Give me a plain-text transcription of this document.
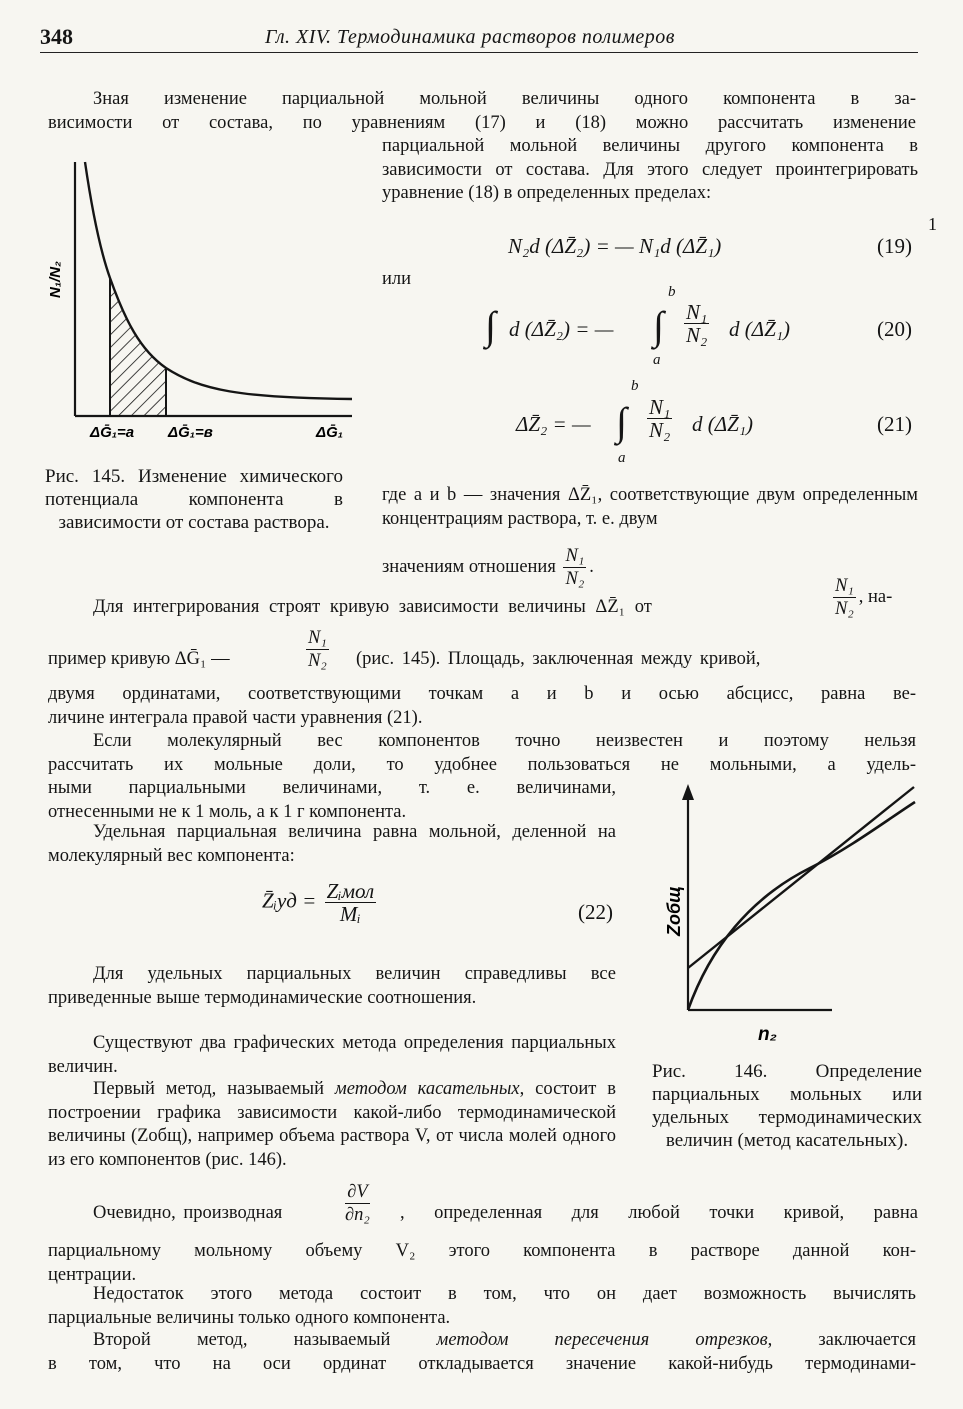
348	Гл. XIV. Термодинамика растворов полимеров
1

Зная изменение парциальной мольной величины одного компонента в за-

висимости от состава, по уравнениям (17) и (18) можно рассчитать изменение

парциальной мольной величины другого компонента в зависимости от состава. Для этого следует проинтегрировать уравнение (18) в определенных пределах:

N₁/N₂
ΔḠ₁=a ΔḠ₁=в	ΔḠ₁
Рис. 145. Изменение химического потенциала компонента в зависимости от состава раствора.
N₂d (ΔZ̄₂) = — N₁d (ΔZ̄₁)	(19)
или
∫ d (ΔZ̄₂) = — ∫
b
a
$\frac{\text{N₁}}{\text{N₂}}$ d (ΔZ̄₁)	(20)
ΔZ̄₂ = — ∫
b
a
$\frac{\text{N₁}}{\text{N₂}}$ d (ΔZ̄₁)	(21)

где a и b — значения ΔZ̄₁, соответствующие двум определенным концентрациям раствора, т. е. двум

значениям отношения $\frac{\text{N₁}}{\text{N₂}}$ .
Для интегрирования строят кривую зависимости величины ΔZ̄₁ от	$\frac{\text{N₁}}{\text{N₂}}$ , на-
пример кривую ΔḠ₁ —	$\frac{\text{N₁}}{\text{N₂}} (рис$. 145). Площадь, заключенная между кривой,

двумя ординатами, соответствующими точкам a и b и осью абсцисс, равна ве-

личине интеграла правой части уравнения (21).

Если молекулярный вес компонентов точно неизвестен и поэтому нельзя

рассчитать их мольные доли, то удобнее пользоваться не мольными, а удель-

ными парциальными величинами, т. е. величинами,

отнесенными не к 1 моль, а к 1 г компонента.

Удельная парциальная величина равна мольной, деленной на молекулярный вес компонента:

Z̄ᵢуд = $\frac{\text{Zᵢмол}}{\text{Mᵢ}}$	(22)

Для удельных парциальных величин справедливы все приведенные выше термодинамические соотношения.

Существуют два графических метода определения парциальных величин.

Первый метод, называемый методом касательных, состоит в построении графика зависимости какой-либо термодинамической величины (Zобщ), например объема раствора V, от числа молей одного из его компонентов (рис. 146).

Zобщ
n₂
Рис. 146. Определение парциальных мольных или удельных термодинамических величин (метод касательных).
Очевидно, производная	$\frac{\partial V}{\text{∂n₂}}$ , определенная для любой точки кривой, равна

парциальному мольному объему V₂ этого компонента в растворе данной кон-

центрации.

Недостаток этого метода состоит в том, что он дает возможность вычислять

парциальные величины только одного компонента.

Второй метод, называемый методом пересечения отрезков, заключается

в том, что на оси ординат откладывается значение какой-нибудь термодинами-
